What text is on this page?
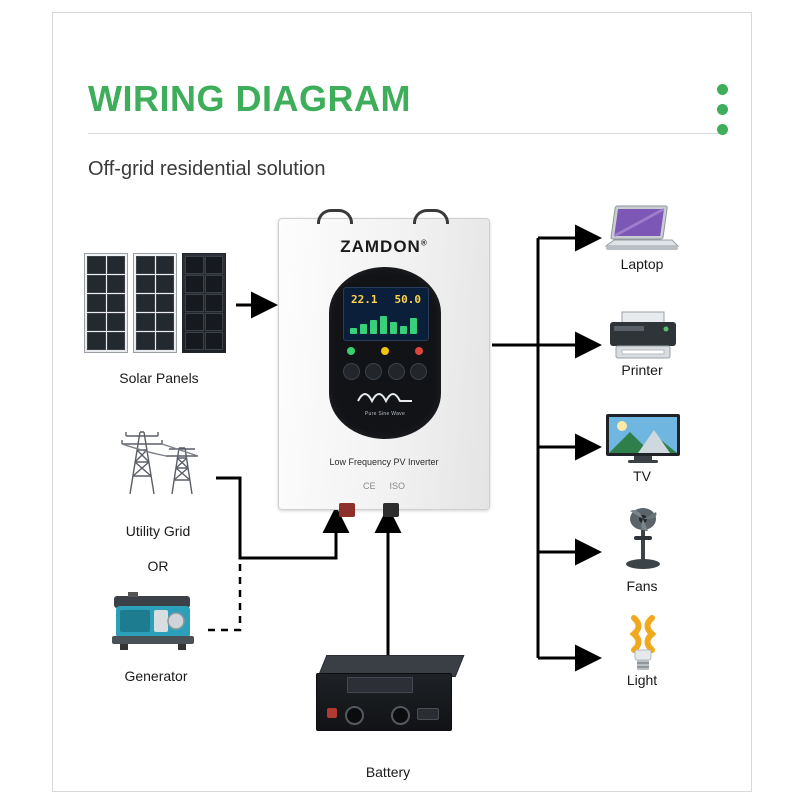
WIRING DIAGRAM
Off-grid residential solution
Solar Panels
Utility Grid
OR
Generator
ZAMDON®
22.1 50.0
Pure Sine Wave
Low Frequency PV Inverter
CE ISO
Battery
Laptop
Printer
TV
Fans
Light
